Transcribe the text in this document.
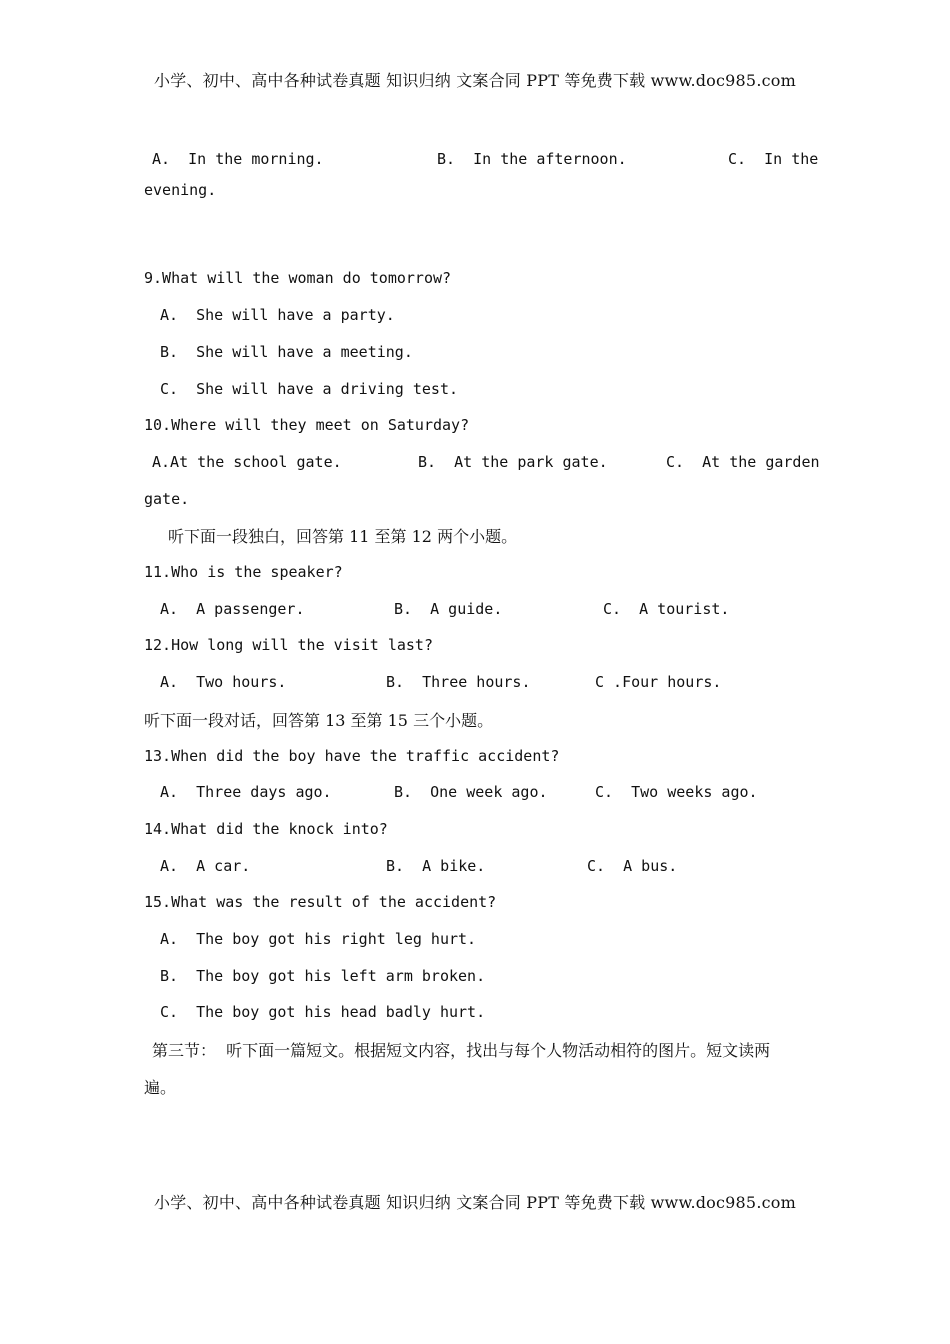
小学、初中、高中各种试卷真题 知识归纳 文案合同 PPT 等免费下载 www.doc985.com
A.  In the morning.	B.  In the afternoon.	C.  In the
evening.
9.What will the woman do tomorrow?
A.  She will have a party.
B.  She will have a meeting.
C.  She will have a driving test.
10.Where will they meet on Saturday?
A.At the school gate.	B.  At the park gate.	C.  At the garden
gate.
听下面一段独白，回答第 11 至第 12 两个小题。
11.Who is the speaker?
A.  A passenger.	B.  A guide.	C.  A tourist.
12.How long will the visit last?
A.  Two hours.	B.  Three hours.	C .Four hours.
听下面一段对话，回答第 13 至第 15 三个小题。
13.When did the boy have the traffic accident?
A.  Three days ago.	B.  One week ago.	C.  Two weeks ago.
14.What did the knock into?
A.  A car.	B.  A bike.	C.  A bus.
15.What was the result of the accident?
A.  The boy got his right leg hurt.
B.  The boy got his left arm broken.
C.  The boy got his head badly hurt.
第三节：  听下面一篇短文。根据短文内容，找出与每个人物活动相符的图片。短文读两
遍。
小学、初中、高中各种试卷真题 知识归纳 文案合同 PPT 等免费下载 www.doc985.com
